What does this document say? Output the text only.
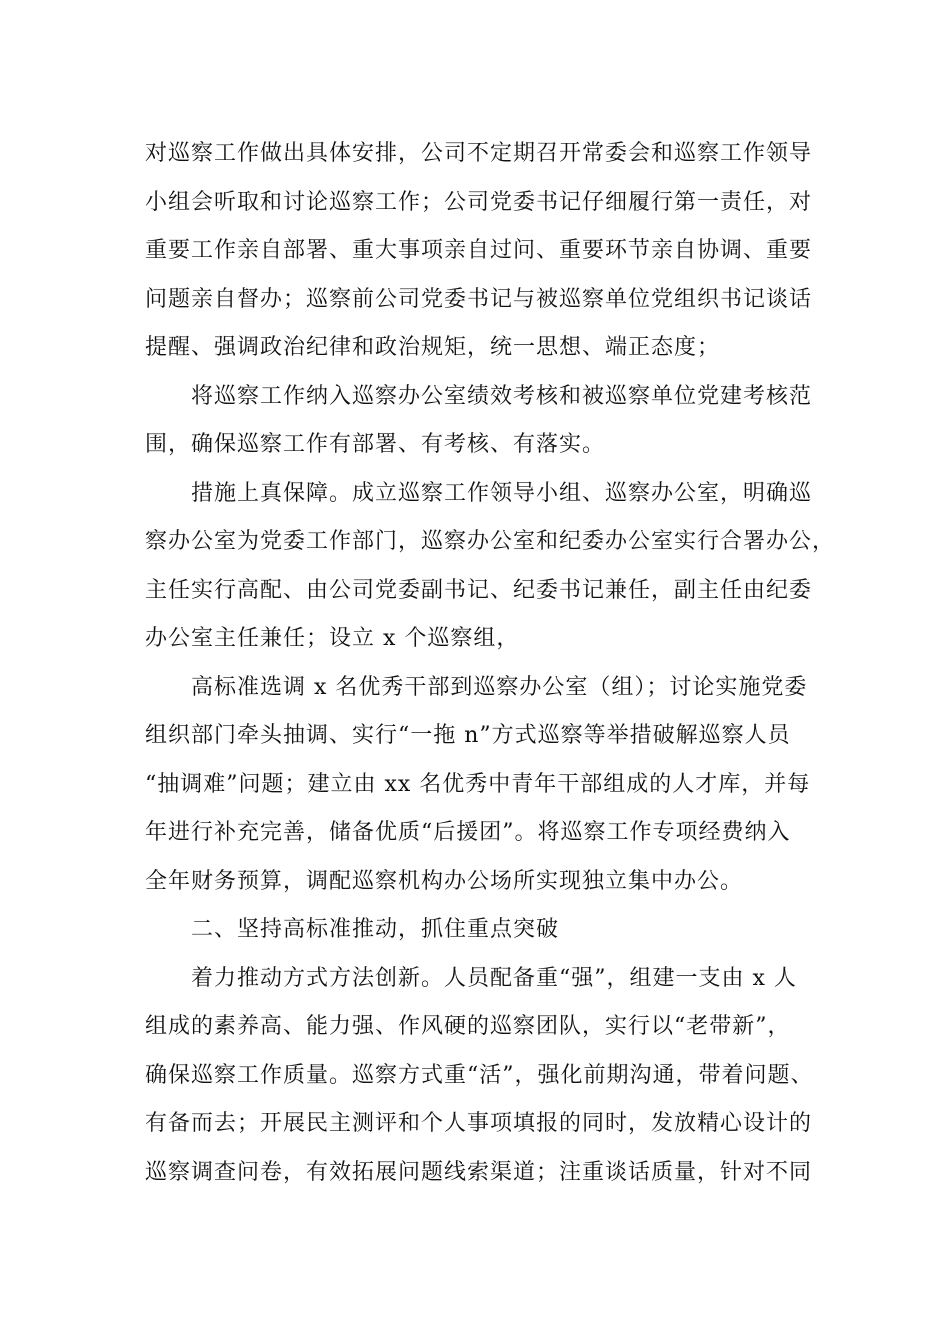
对巡察工作做出具体安排，公司不定期召开常委会和巡察工作领导
小组会听取和讨论巡察工作；公司党委书记仔细履行第一责任，对
重要工作亲自部署、重大事项亲自过问、重要环节亲自协调、重要
问题亲自督办；巡察前公司党委书记与被巡察单位党组织书记谈话
提醒、强调政治纪律和政治规矩，统一思想、端正态度；
将巡察工作纳入巡察办公室绩效考核和被巡察单位党建考核范
围，确保巡察工作有部署、有考核、有落实。
措施上真保障。成立巡察工作领导小组、巡察办公室，明确巡
察办公室为党委工作部门，巡察办公室和纪委办公室实行合署办公，
主任实行高配、由公司党委副书记、纪委书记兼任，副主任由纪委
办公室主任兼任；设立 x 个巡察组，
高标准选调 x 名优秀干部到巡察办公室（组）；讨论实施党委
组织部门牵头抽调、实行“一拖 n”方式巡察等举措破解巡察人员
“抽调难”问题；建立由 xx 名优秀中青年干部组成的人才库，并每
年进行补充完善，储备优质“后援团”。将巡察工作专项经费纳入
全年财务预算，调配巡察机构办公场所实现独立集中办公。
二、坚持高标准推动，抓住重点突破
着力推动方式方法创新。人员配备重“强”，组建一支由 x 人
组成的素养高、能力强、作风硬的巡察团队，实行以“老带新”，
确保巡察工作质量。巡察方式重“活”，强化前期沟通，带着问题、
有备而去；开展民主测评和个人事项填报的同时，发放精心设计的
巡察调查问卷，有效拓展问题线索渠道；注重谈话质量，针对不同
